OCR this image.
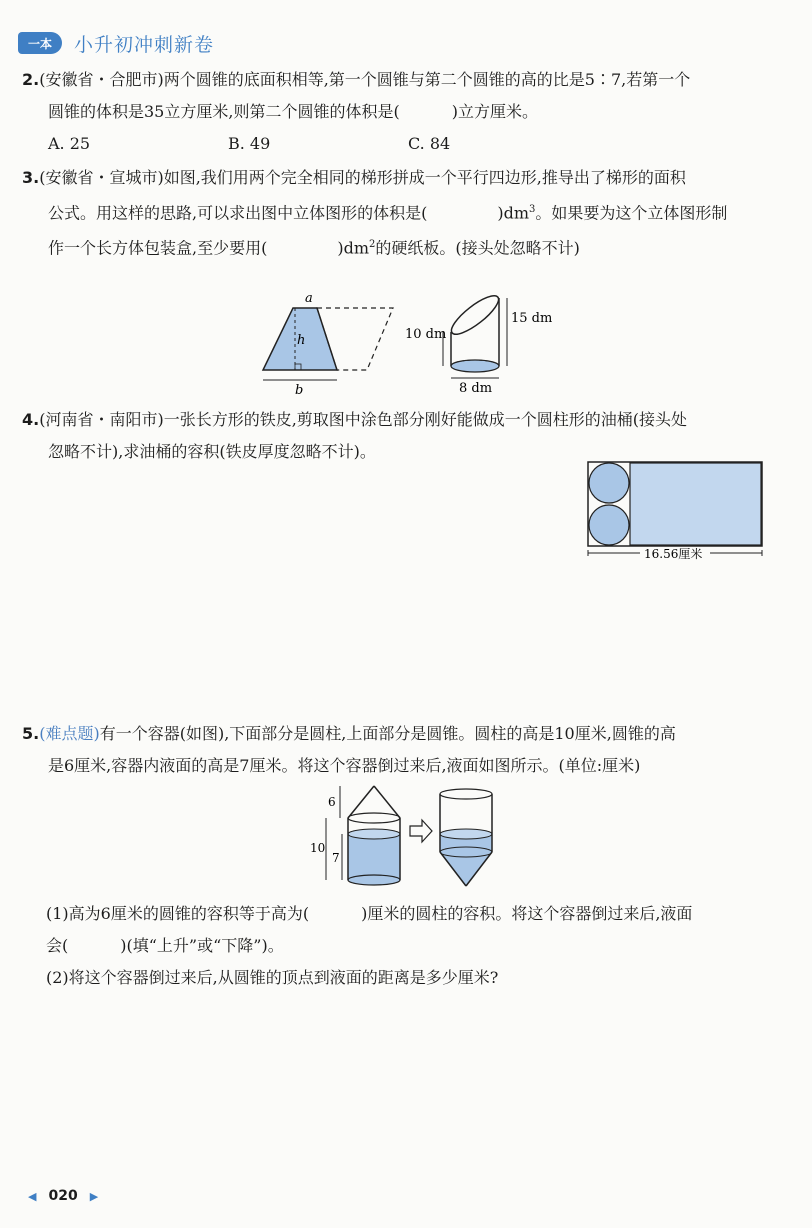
一本	小升初冲刺新卷
2.(安徽省・合肥市)两个圆锥的底面积相等,第一个圆锥与第二个圆锥的高的比是5∶7,若第一个
圆锥的体积是35立方厘米,则第二个圆锥的体积是(	)立方厘米。
A. 25	B. 49	C. 84
3.(安徽省・宣城市)如图,我们用两个完全相同的梯形拼成一个平行四边形,推导出了梯形的面积
公式。用这样的思路,可以求出图中立体图形的体积是(	)$dm^3$。如果要为这个立体图形制
作一个长方体包装盒,至少要用(	)$dm^2$的硬纸板。(接头处忽略不计)
a
h
b
15 dm
10 dm
8 dm
4.(河南省・南阳市)一张长方形的铁皮,剪取图中涂色部分刚好能做成一个圆柱形的油桶(接头处
忽略不计),求油桶的容积(铁皮厚度忽略不计)。
16.56厘米
5.(难点题)有一个容器(如图),下面部分是圆柱,上面部分是圆锥。圆柱的高是10厘米,圆锥的高
是6厘米,容器内液面的高是7厘米。将这个容器倒过来后,液面如图所示。(单位:厘米)
6
10
7
(1)高为6厘米的圆锥的容积等于高为(	)厘米的圆柱的容积。将这个容器倒过来后,液面
会(	)(填“上升”或“下降”)。
(2)将这个容器倒过来后,从圆锥的顶点到液面的距离是多少厘米?
◀ 020 ▶
